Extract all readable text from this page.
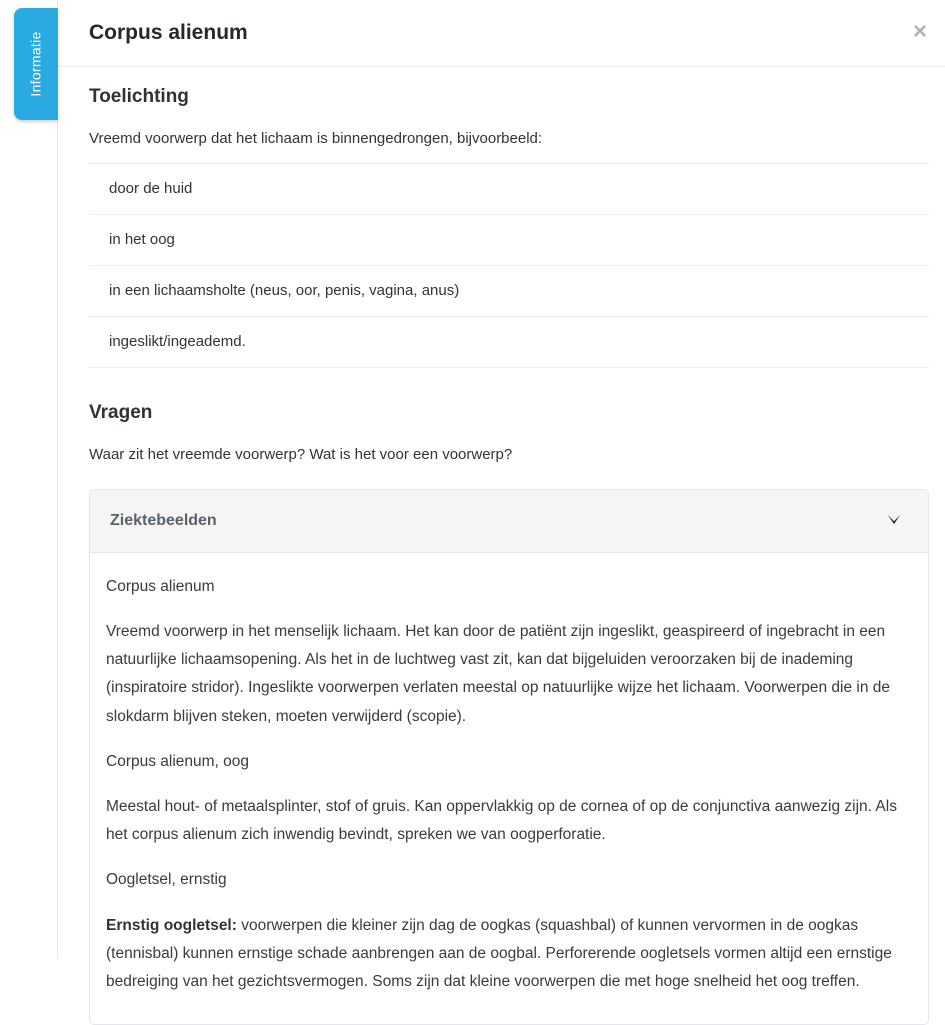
Informatie Corpus alienum	×
Toelichting

Vreemd voorwerp dat het lichaam is binnengedrongen, bijvoorbeeld:

door de huid
in het oog
in een lichaamsholte (neus, oor, penis, vagina, anus)
ingeslikt/ingeademd.
Vragen

Waar zit het vreemde voorwerp? Wat is het voor een voorwerp?

Ziektebeelden

Corpus alienum

Vreemd voorwerp in het menselijk lichaam. Het kan door de patiënt zijn ingeslikt, geaspireerd of ingebracht in een natuurlijke lichaamsopening. Als het in de luchtweg vast zit, kan dat bijgeluiden veroorzaken bij de inademing (inspiratoire stridor). Ingeslikte voorwerpen verlaten meestal op natuurlijke wijze het lichaam. Voorwerpen die in de slokdarm blijven steken, moeten verwijderd (scopie).

Corpus alienum, oog

Meestal hout- of metaalsplinter, stof of gruis. Kan oppervlakkig op de cornea of op de conjunctiva aanwezig zijn. Als het corpus alienum zich inwendig bevindt, spreken we van oogperforatie.

Oogletsel, ernstig

Ernstig oogletsel: voorwerpen die kleiner zijn dag de oogkas (squashbal) of kunnen vervormen in de oogkas (tennisbal) kunnen ernstige schade aanbrengen aan de oogbal. Perforerende oogletsels vormen altijd een ernstige bedreiging van het gezichtsvermogen. Soms zijn dat kleine voorwerpen die met hoge snelheid het oog treffen.
